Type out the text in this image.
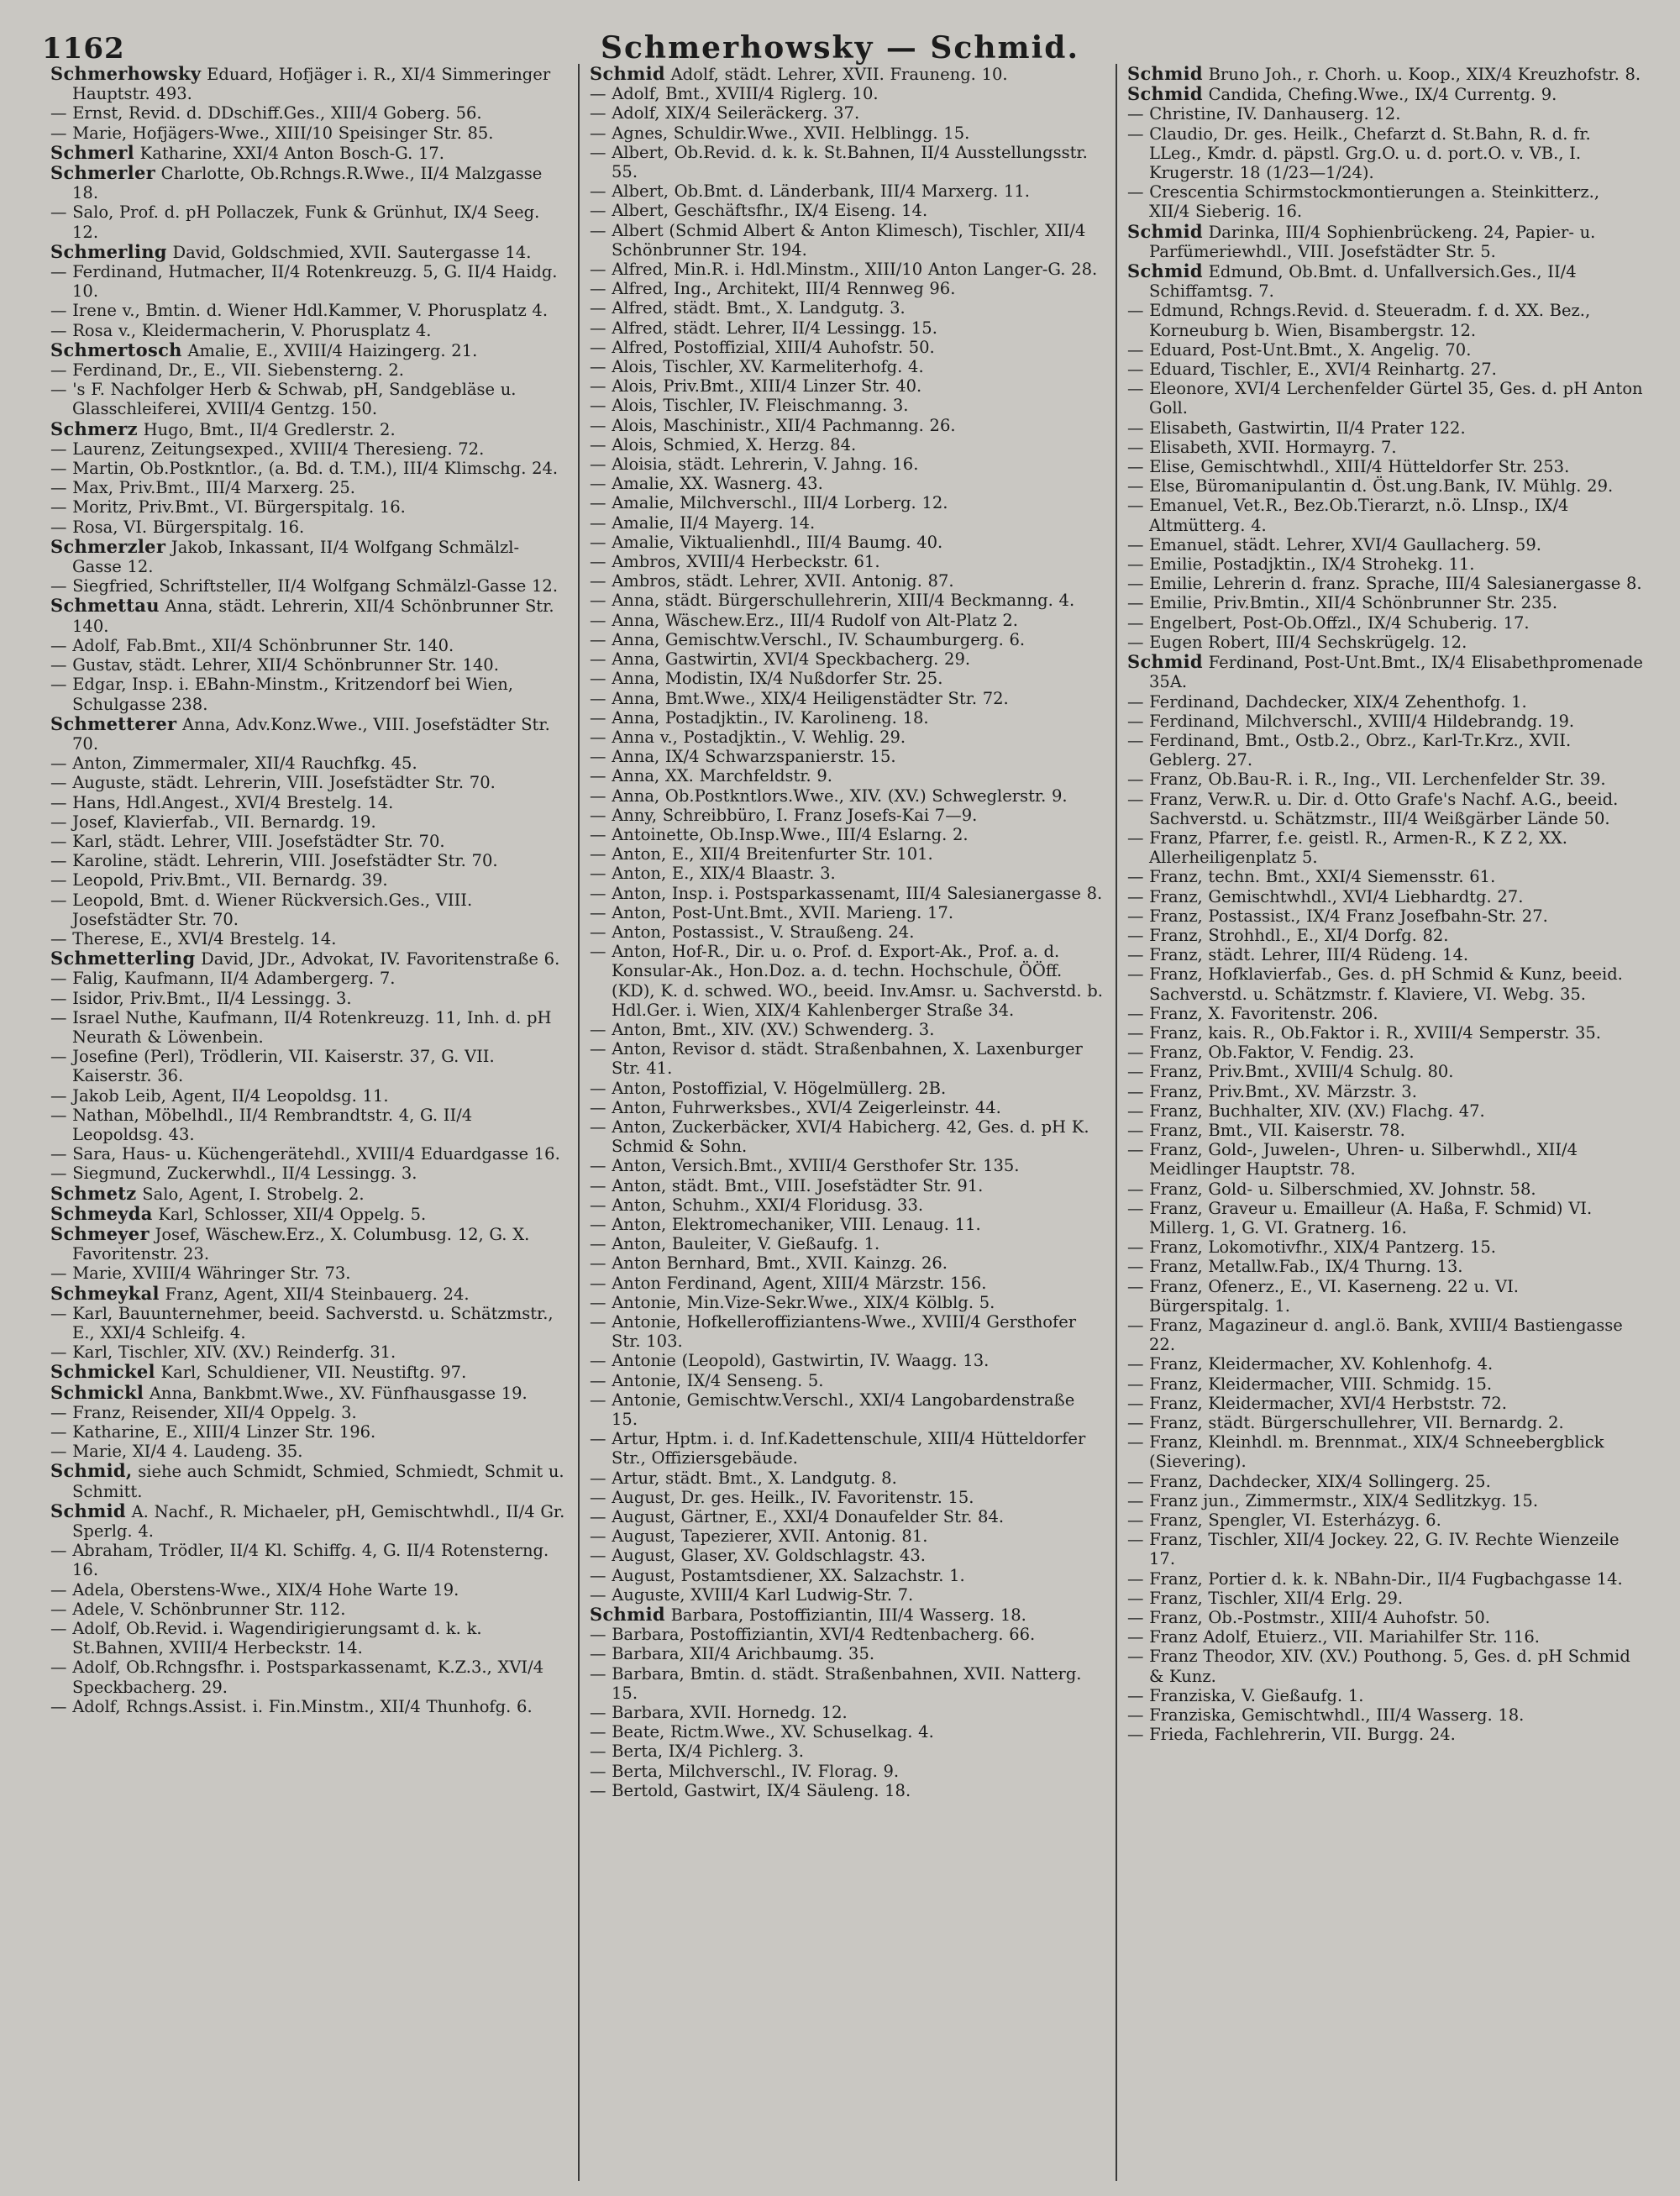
1162	Schmerhowsky — Schmid.
Schmerhowsky Eduard, Hofjäger i. R., XI/4 Simmeringer Hauptstr. 493.
— Ernst, Revid. d. DDschiff.Ges., XIII/4 Goberg. 56.
— Marie, Hofjägers-Wwe., XIII/10 Speisinger Str. 85.
Schmerl Katharine, XXI/4 Anton Bosch-G. 17.
Schmerler Charlotte, Ob.Rchngs.R.Wwe., II/4 Malzgasse 18.
— Salo, Prof. d. pH Pollaczek, Funk & Grünhut, IX/4 Seeg. 12.
Schmerling David, Goldschmied, XVII. Sautergasse 14.
— Ferdinand, Hutmacher, II/4 Rotenkreuzg. 5, G. II/4 Haidg. 10.
— Irene v., Bmtin. d. Wiener Hdl.Kammer, V. Phorusplatz 4.
— Rosa v., Kleidermacherin, V. Phorusplatz 4.
Schmertosch Amalie, E., XVIII/4 Haizingerg. 21.
— Ferdinand, Dr., E., VII. Siebensterng. 2.
— 's F. Nachfolger Herb & Schwab, pH, Sandgebläse u. Glasschleiferei, XVIII/4 Gentzg. 150.
Schmerz Hugo, Bmt., II/4 Gredlerstr. 2.
— Laurenz, Zeitungsexped., XVIII/4 Theresieng. 72.
— Martin, Ob.Postkntlor., (a. Bd. d. T.M.), III/4 Klimschg. 24.
— Max, Priv.Bmt., III/4 Marxerg. 25.
— Moritz, Priv.Bmt., VI. Bürgerspitalg. 16.
— Rosa, VI. Bürgerspitalg. 16.
Schmerzler Jakob, Inkassant, II/4 Wolfgang Schmälzl-Gasse 12.
— Siegfried, Schriftsteller, II/4 Wolfgang Schmälzl-Gasse 12.
Schmettau Anna, städt. Lehrerin, XII/4 Schönbrunner Str. 140.
— Adolf, Fab.Bmt., XII/4 Schönbrunner Str. 140.
— Gustav, städt. Lehrer, XII/4 Schönbrunner Str. 140.
— Edgar, Insp. i. EBahn-Minstm., Kritzendorf bei Wien, Schulgasse 238.
Schmetterer Anna, Adv.Konz.Wwe., VIII. Josefstädter Str. 70.
— Anton, Zimmermaler, XII/4 Rauchfkg. 45.
— Auguste, städt. Lehrerin, VIII. Josefstädter Str. 70.
— Hans, Hdl.Angest., XVI/4 Brestelg. 14.
— Josef, Klavierfab., VII. Bernardg. 19.
— Karl, städt. Lehrer, VIII. Josefstädter Str. 70.
— Karoline, städt. Lehrerin, VIII. Josefstädter Str. 70.
— Leopold, Priv.Bmt., VII. Bernardg. 39.
— Leopold, Bmt. d. Wiener Rückversich.Ges., VIII. Josefstädter Str. 70.
— Therese, E., XVI/4 Brestelg. 14.
Schmetterling David, JDr., Advokat, IV. Favoritenstraße 6.
— Falig, Kaufmann, II/4 Adambergerg. 7.
— Isidor, Priv.Bmt., II/4 Lessingg. 3.
— Israel Nuthe, Kaufmann, II/4 Rotenkreuzg. 11, Inh. d. pH Neurath & Löwenbein.
— Josefine (Perl), Trödlerin, VII. Kaiserstr. 37, G. VII. Kaiserstr. 36.
— Jakob Leib, Agent, II/4 Leopoldsg. 11.
— Nathan, Möbelhdl., II/4 Rembrandtstr. 4, G. II/4 Leopoldsg. 43.
— Sara, Haus- u. Küchengerätehdl., XVIII/4 Eduardgasse 16.
— Siegmund, Zuckerwhdl., II/4 Lessingg. 3.
Schmetz Salo, Agent, I. Strobelg. 2.
Schmeyda Karl, Schlosser, XII/4 Oppelg. 5.
Schmeyer Josef, Wäschew.Erz., X. Columbusg. 12, G. X. Favoritenstr. 23.
— Marie, XVIII/4 Währinger Str. 73.
Schmeykal Franz, Agent, XII/4 Steinbauerg. 24.
— Karl, Bauunternehmer, beeid. Sachverstd. u. Schätzmstr., E., XXI/4 Schleifg. 4.
— Karl, Tischler, XIV. (XV.) Reinderfg. 31.
Schmickel Karl, Schuldiener, VII. Neustiftg. 97.
Schmickl Anna, Bankbmt.Wwe., XV. Fünfhausgasse 19.
— Franz, Reisender, XII/4 Oppelg. 3.
— Katharine, E., XIII/4 Linzer Str. 196.
— Marie, XI/4 4. Laudeng. 35.
Schmid, siehe auch Schmidt, Schmied, Schmiedt, Schmit u. Schmitt.
Schmid A. Nachf., R. Michaeler, pH, Gemischtwhdl., II/4 Gr. Sperlg. 4.
— Abraham, Trödler, II/4 Kl. Schiffg. 4, G. II/4 Rotensterng. 16.
— Adela, Oberstens-Wwe., XIX/4 Hohe Warte 19.
— Adele, V. Schönbrunner Str. 112.
— Adolf, Ob.Revid. i. Wagendirigierungsamt d. k. k. St.Bahnen, XVIII/4 Herbeckstr. 14.
— Adolf, Ob.Rchngsfhr. i. Postsparkassenamt, K.Z.3., XVI/4 Speckbacherg. 29.
— Adolf, Rchngs.Assist. i. Fin.Minstm., XII/4 Thunhofg. 6.
Schmid Adolf, städt. Lehrer, XVII. Frauneng. 10.
— Adolf, Bmt., XVIII/4 Riglerg. 10.
— Adolf, XIX/4 Seileräckerg. 37.
— Agnes, Schuldir.Wwe., XVII. Helblingg. 15.
— Albert, Ob.Revid. d. k. k. St.Bahnen, II/4 Ausstellungsstr. 55.
— Albert, Ob.Bmt. d. Länderbank, III/4 Marxerg. 11.
— Albert, Geschäftsfhr., IX/4 Eiseng. 14.
— Albert (Schmid Albert & Anton Klimesch), Tischler, XII/4 Schönbrunner Str. 194.
— Alfred, Min.R. i. Hdl.Minstm., XIII/10 Anton Langer-G. 28.
— Alfred, Ing., Architekt, III/4 Rennweg 96.
— Alfred, städt. Bmt., X. Landgutg. 3.
— Alfred, städt. Lehrer, II/4 Lessingg. 15.
— Alfred, Postoffizial, XIII/4 Auhofstr. 50.
— Alois, Tischler, XV. Karmeliterhofg. 4.
— Alois, Priv.Bmt., XIII/4 Linzer Str. 40.
— Alois, Tischler, IV. Fleischmanng. 3.
— Alois, Maschinistr., XII/4 Pachmanng. 26.
— Alois, Schmied, X. Herzg. 84.
— Aloisia, städt. Lehrerin, V. Jahng. 16.
— Amalie, XX. Wasnerg. 43.
— Amalie, Milchverschl., III/4 Lorberg. 12.
— Amalie, II/4 Mayerg. 14.
— Amalie, Viktualienhdl., III/4 Baumg. 40.
— Ambros, XVIII/4 Herbeckstr. 61.
— Ambros, städt. Lehrer, XVII. Antonig. 87.
— Anna, städt. Bürgerschullehrerin, XIII/4 Beckmanng. 4.
— Anna, Wäschew.Erz., III/4 Rudolf von Alt-Platz 2.
— Anna, Gemischtw.Verschl., IV. Schaumburgerg. 6.
— Anna, Gastwirtin, XVI/4 Speckbacherg. 29.
— Anna, Modistin, IX/4 Nußdorfer Str. 25.
— Anna, Bmt.Wwe., XIX/4 Heiligenstädter Str. 72.
— Anna, Postadjktin., IV. Karolineng. 18.
— Anna v., Postadjktin., V. Wehlig. 29.
— Anna, IX/4 Schwarzspanierstr. 15.
— Anna, XX. Marchfeldstr. 9.
— Anna, Ob.Postkntlors.Wwe., XIV. (XV.) Schweglerstr. 9.
— Anny, Schreibbüro, I. Franz Josefs-Kai 7—9.
— Antoinette, Ob.Insp.Wwe., III/4 Eslarng. 2.
— Anton, E., XII/4 Breitenfurter Str. 101.
— Anton, E., XIX/4 Blaastr. 3.
— Anton, Insp. i. Postsparkassenamt, III/4 Salesianergasse 8.
— Anton, Post-Unt.Bmt., XVII. Marieng. 17.
— Anton, Postassist., V. Straußeng. 24.
— Anton, Hof-R., Dir. u. o. Prof. d. Export-Ak., Prof. a. d. Konsular-Ak., Hon.Doz. a. d. techn. Hochschule, ÖÖff. (KD), K. d. schwed. WO., beeid. Inv.Amsr. u. Sachverstd. b. Hdl.Ger. i. Wien, XIX/4 Kahlenberger Straße 34.
— Anton, Bmt., XIV. (XV.) Schwenderg. 3.
— Anton, Revisor d. städt. Straßenbahnen, X. Laxenburger Str. 41.
— Anton, Postoffizial, V. Högelmüllerg. 2B.
— Anton, Fuhrwerksbes., XVI/4 Zeigerleinstr. 44.
— Anton, Zuckerbäcker, XVI/4 Habicherg. 42, Ges. d. pH K. Schmid & Sohn.
— Anton, Versich.Bmt., XVIII/4 Gersthofer Str. 135.
— Anton, städt. Bmt., VIII. Josefstädter Str. 91.
— Anton, Schuhm., XXI/4 Floridusg. 33.
— Anton, Elektromechaniker, VIII. Lenaug. 11.
— Anton, Bauleiter, V. Gießaufg. 1.
— Anton Bernhard, Bmt., XVII. Kainzg. 26.
— Anton Ferdinand, Agent, XIII/4 Märzstr. 156.
— Antonie, Min.Vize-Sekr.Wwe., XIX/4 Kölblg. 5.
— Antonie, Hofkelleroffiziantens-Wwe., XVIII/4 Gersthofer Str. 103.
— Antonie (Leopold), Gastwirtin, IV. Waagg. 13.
— Antonie, IX/4 Senseng. 5.
— Antonie, Gemischtw.Verschl., XXI/4 Langobardenstraße 15.
— Artur, Hptm. i. d. Inf.Kadettenschule, XIII/4 Hütteldorfer Str., Offiziersgebäude.
— Artur, städt. Bmt., X. Landgutg. 8.
— August, Dr. ges. Heilk., IV. Favoritenstr. 15.
— August, Gärtner, E., XXI/4 Donaufelder Str. 84.
— August, Tapezierer, XVII. Antonig. 81.
— August, Glaser, XV. Goldschlagstr. 43.
— August, Postamtsdiener, XX. Salzachstr. 1.
— Auguste, XVIII/4 Karl Ludwig-Str. 7.
Schmid Barbara, Postoffiziantin, III/4 Wasserg. 18.
— Barbara, Postoffiziantin, XVI/4 Redtenbacherg. 66.
— Barbara, XII/4 Arichbaumg. 35.
— Barbara, Bmtin. d. städt. Straßenbahnen, XVII. Natterg. 15.
— Barbara, XVII. Hornedg. 12.
— Beate, Rictm.Wwe., XV. Schuselkag. 4.
— Berta, IX/4 Pichlerg. 3.
— Berta, Milchverschl., IV. Florag. 9.
— Bertold, Gastwirt, IX/4 Säuleng. 18.
Schmid Bruno Joh., r. Chorh. u. Koop., XIX/4 Kreuzhofstr. 8.
Schmid Candida, Chefing.Wwe., IX/4 Currentg. 9.
— Christine, IV. Danhauserg. 12.
— Claudio, Dr. ges. Heilk., Chefarzt d. St.Bahn, R. d. fr. LLeg., Kmdr. d. päpstl. Grg.O. u. d. port.O. v. VB., I. Krugerstr. 18 (1/23—1/24).
— Crescentia Schirmstockmontierungen a. Steinkitterz., XII/4 Sieberig. 16.
Schmid Darinka, III/4 Sophienbrückeng. 24, Papier- u. Parfümeriewhdl., VIII. Josefstädter Str. 5.
Schmid Edmund, Ob.Bmt. d. Unfallversich.Ges., II/4 Schiffamtsg. 7.
— Edmund, Rchngs.Revid. d. Steueradm. f. d. XX. Bez., Korneuburg b. Wien, Bisambergstr. 12.
— Eduard, Post-Unt.Bmt., X. Angelig. 70.
— Eduard, Tischler, E., XVI/4 Reinhartg. 27.
— Eleonore, XVI/4 Lerchenfelder Gürtel 35, Ges. d. pH Anton Goll.
— Elisabeth, Gastwirtin, II/4 Prater 122.
— Elisabeth, XVII. Hormayrg. 7.
— Elise, Gemischtwhdl., XIII/4 Hütteldorfer Str. 253.
— Else, Büromanipulantin d. Öst.ung.Bank, IV. Mühlg. 29.
— Emanuel, Vet.R., Bez.Ob.Tierarzt, n.ö. LInsp., IX/4 Altmütterg. 4.
— Emanuel, städt. Lehrer, XVI/4 Gaullacherg. 59.
— Emilie, Postadjktin., IX/4 Strohekg. 11.
— Emilie, Lehrerin d. franz. Sprache, III/4 Salesianergasse 8.
— Emilie, Priv.Bmtin., XII/4 Schönbrunner Str. 235.
— Engelbert, Post-Ob.Offzl., IX/4 Schuberig. 17.
— Eugen Robert, III/4 Sechskrügelg. 12.
Schmid Ferdinand, Post-Unt.Bmt., IX/4 Elisabethpromenade 35A.
— Ferdinand, Dachdecker, XIX/4 Zehenthofg. 1.
— Ferdinand, Milchverschl., XVIII/4 Hildebrandg. 19.
— Ferdinand, Bmt., Ostb.2., Obrz., Karl-Tr.Krz., XVII. Geblerg. 27.
— Franz, Ob.Bau-R. i. R., Ing., VII. Lerchenfelder Str. 39.
— Franz, Verw.R. u. Dir. d. Otto Grafe's Nachf. A.G., beeid. Sachverstd. u. Schätzmstr., III/4 Weißgärber Lände 50.
— Franz, Pfarrer, f.e. geistl. R., Armen-R., K Z 2, XX. Allerheiligenplatz 5.
— Franz, techn. Bmt., XXI/4 Siemensstr. 61.
— Franz, Gemischtwhdl., XVI/4 Liebhardtg. 27.
— Franz, Postassist., IX/4 Franz Josefbahn-Str. 27.
— Franz, Strohhdl., E., XI/4 Dorfg. 82.
— Franz, städt. Lehrer, III/4 Rüdeng. 14.
— Franz, Hofklavierfab., Ges. d. pH Schmid & Kunz, beeid. Sachverstd. u. Schätzmstr. f. Klaviere, VI. Webg. 35.
— Franz, X. Favoritenstr. 206.
— Franz, kais. R., Ob.Faktor i. R., XVIII/4 Semperstr. 35.
— Franz, Ob.Faktor, V. Fendig. 23.
— Franz, Priv.Bmt., XVIII/4 Schulg. 80.
— Franz, Priv.Bmt., XV. Märzstr. 3.
— Franz, Buchhalter, XIV. (XV.) Flachg. 47.
— Franz, Bmt., VII. Kaiserstr. 78.
— Franz, Gold-, Juwelen-, Uhren- u. Silberwhdl., XII/4 Meidlinger Hauptstr. 78.
— Franz, Gold- u. Silberschmied, XV. Johnstr. 58.
— Franz, Graveur u. Emailleur (A. Haßa, F. Schmid) VI. Millerg. 1, G. VI. Gratnerg. 16.
— Franz, Lokomotivfhr., XIX/4 Pantzerg. 15.
— Franz, Metallw.Fab., IX/4 Thurng. 13.
— Franz, Ofenerz., E., VI. Kaserneng. 22 u. VI. Bürgerspitalg. 1.
— Franz, Magazineur d. angl.ö. Bank, XVIII/4 Bastiengasse 22.
— Franz, Kleidermacher, XV. Kohlenhofg. 4.
— Franz, Kleidermacher, VIII. Schmidg. 15.
— Franz, Kleidermacher, XVI/4 Herbststr. 72.
— Franz, städt. Bürgerschullehrer, VII. Bernardg. 2.
— Franz, Kleinhdl. m. Brennmat., XIX/4 Schneebergblick (Sievering).
— Franz, Dachdecker, XIX/4 Sollingerg. 25.
— Franz jun., Zimmermstr., XIX/4 Sedlitzkyg. 15.
— Franz, Spengler, VI. Esterházyg. 6.
— Franz, Tischler, XII/4 Jockey. 22, G. IV. Rechte Wienzeile 17.
— Franz, Portier d. k. k. NBahn-Dir., II/4 Fugbachgasse 14.
— Franz, Tischler, XII/4 Erlg. 29.
— Franz, Ob.-Postmstr., XIII/4 Auhofstr. 50.
— Franz Adolf, Etuierz., VII. Mariahilfer Str. 116.
— Franz Theodor, XIV. (XV.) Pouthong. 5, Ges. d. pH Schmid & Kunz.
— Franziska, V. Gießaufg. 1.
— Franziska, Gemischtwhdl., III/4 Wasserg. 18.
— Frieda, Fachlehrerin, VII. Burgg. 24.
